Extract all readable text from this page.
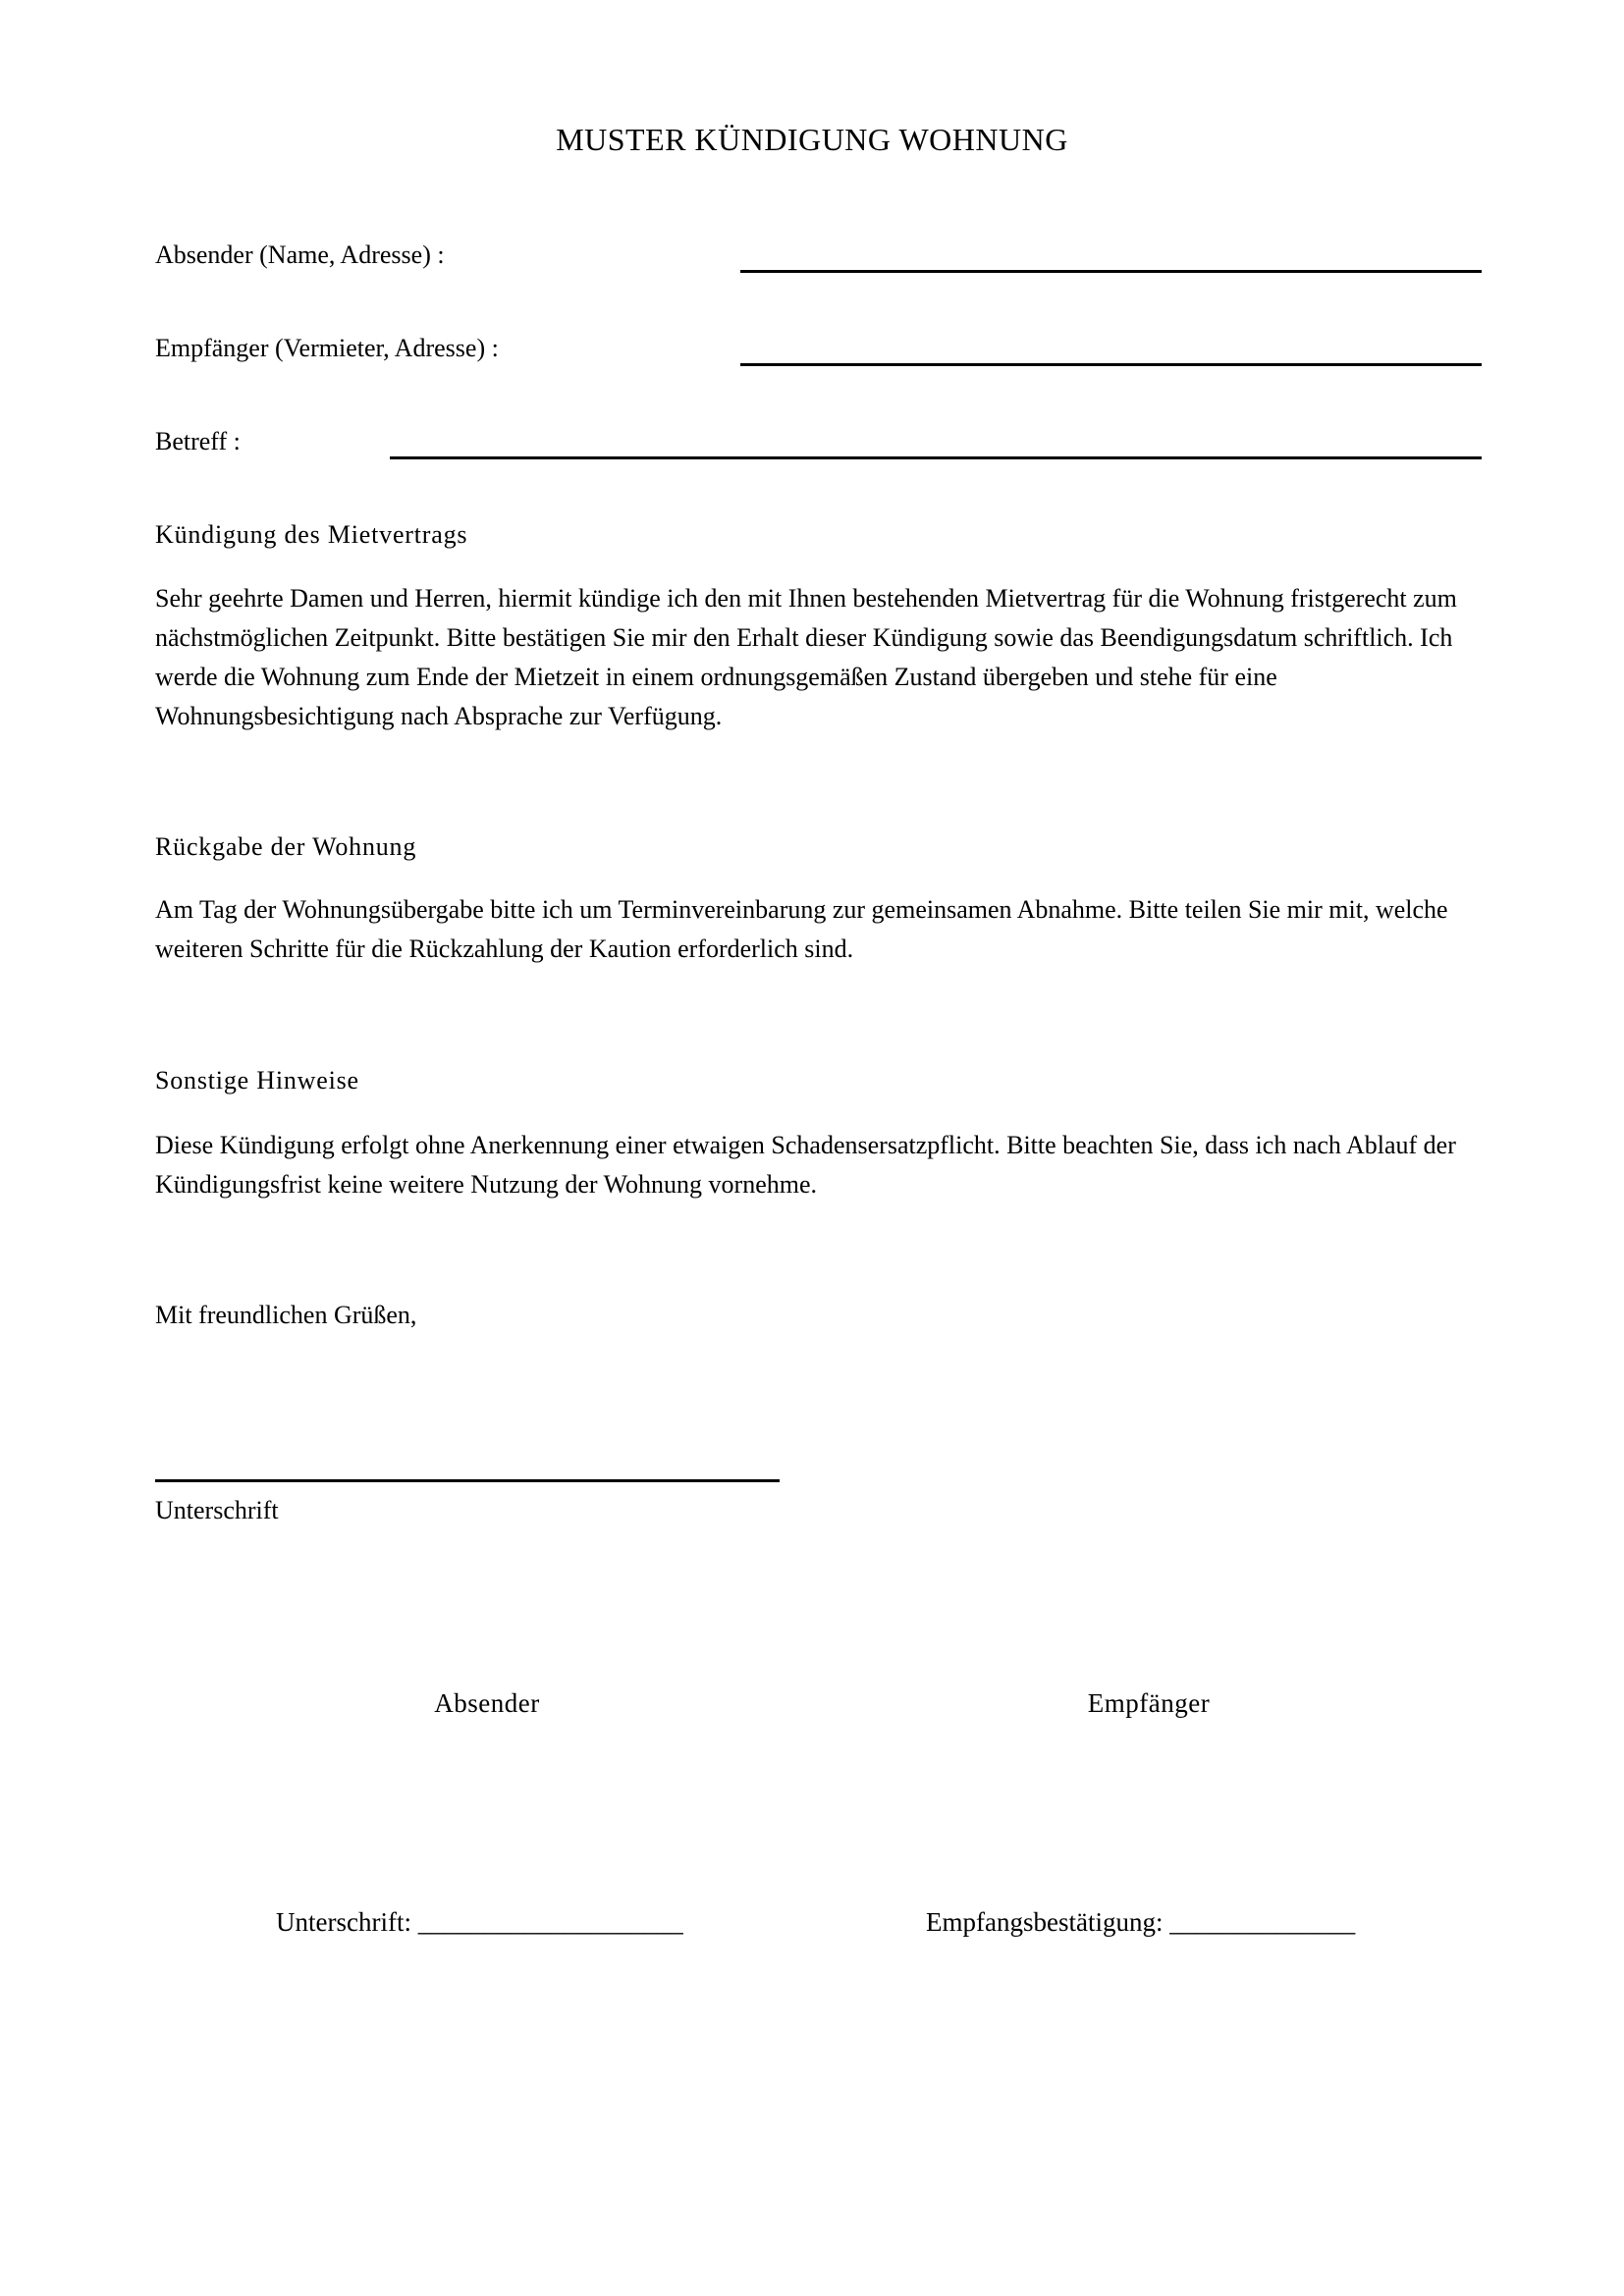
MUSTER KÜNDIGUNG WOHNUNG
Absender (Name, Adresse) :
Empfänger (Vermieter, Adresse) :
Betreff :
Kündigung des Mietvertrags

Sehr geehrte Damen und Herren, hiermit kündige ich den mit Ihnen bestehenden Mietvertrag für die Wohnung fristgerecht zum nächstmöglichen Zeitpunkt. Bitte bestätigen Sie mir den Erhalt dieser Kündigung sowie das Beendigungsdatum schriftlich. Ich werde die Wohnung zum Ende der Mietzeit in einem ordnungsgemäßen Zustand übergeben und stehe für eine Wohnungsbesichtigung nach Absprache zur Verfügung.

Rückgabe der Wohnung

Am Tag der Wohnungsübergabe bitte ich um Terminvereinbarung zur gemeinsamen Abnahme. Bitte teilen Sie mir mit, welche weiteren Schritte für die Rückzahlung der Kaution erforderlich sind.

Sonstige Hinweise

Diese Kündigung erfolgt ohne Anerkennung einer etwaigen Schadensersatzpflicht. Bitte beachten Sie, dass ich nach Ablauf der Kündigungsfrist keine weitere Nutzung der Wohnung vornehme.

Mit freundlichen Grüßen,
Unterschrift
Absender	Empfänger
Unterschrift: ____________________	Empfangsbestätigung: ______________
